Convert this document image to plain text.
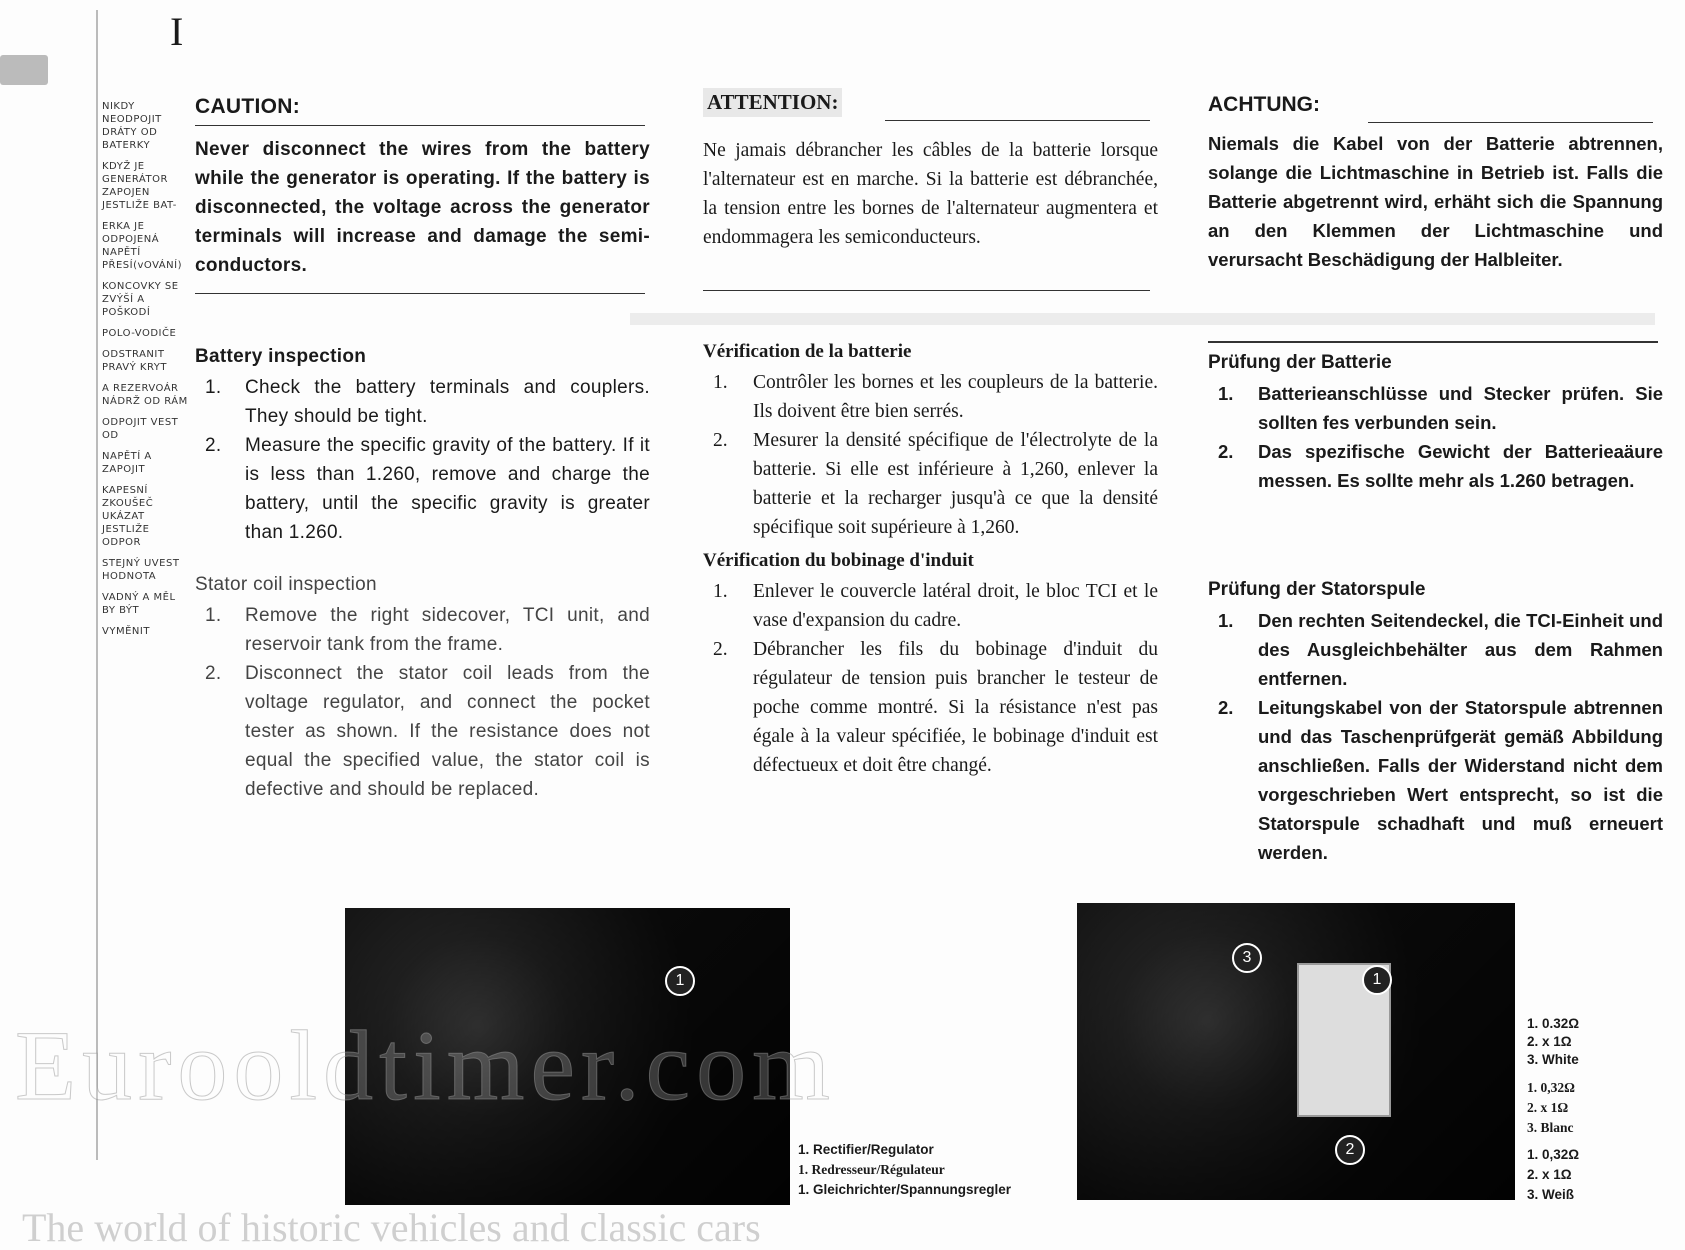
I
NIKDY NEODPOJIT DRÁTY OD BATERKY
KDYŽ JE GENERÁTOR ZAPOJEN JESTLIŽE BAT-
ERKA JE ODPOJENÁ NAPĚTÍ PŘESÍ(vOVÁNÍ)
KONCOVKY SE ZVÝŠÍ A POŠKODÍ
POLO-VODIČE
ODSTRANIT PRAVÝ KRYT
A REZERVOÁR NÁDRŽ OD RÁM
ODPOJIT VEST OD
NAPĚTÍ A ZAPOJIT
KAPESNÍ ZKOUŠEČ UKÁZAT JESTLIŽE ODPOR
STEJNÝ UVEST HODNOTA
VADNÝ A MĚL BY BÝT
VYMĚNIT
CAUTION:
Never disconnect the wires from the battery while the generator is operating. If the battery is disconnected, the voltage across the generator terminals will increase and damage the semi-conductors.

Battery inspection

1. Check the battery terminals and couplers. They should be tight.
2. Measure the specific gravity of the battery. If it is less than 1.260, remove and charge the battery, until the specific gravity is greater than 1.260.

Stator coil inspection

1. Remove the right sidecover, TCI unit, and reservoir tank from the frame.
2. Disconnect the stator coil leads from the voltage regulator, and connect the pocket tester as shown. If the resistance does not equal the specified value, the stator coil is defective and should be replaced.
ATTENTION:
Ne jamais débrancher les câbles de la batterie lorsque l'alternateur est en marche. Si la batterie est débranchée, la tension entre les bornes de l'alternateur augmentera et endommagera les semiconducteurs.

Vérification de la batterie

1. Contrôler les bornes et les coupleurs de la batterie. Ils doivent être bien serrés.
2. Mesurer la densité spécifique de l'électrolyte de la batterie. Si elle est inférieure à 1,260, enlever la batterie et la recharger jusqu'à ce que la densité spécifique soit supérieure à 1,260.

Vérification du bobinage d'induit

1. Enlever le couvercle latéral droit, le bloc TCI et le vase d'expansion du cadre.
2. Débrancher les fils du bobinage d'induit du régulateur de tension puis brancher le testeur de poche comme montré. Si la résistance n'est pas égale à la valeur spécifiée, le bobinage d'induit est défectueux et doit être changé.
ACHTUNG:
Niemals die Kabel von der Batterie abtrennen, solange die Lichtmaschine in Betrieb ist. Falls die Batterie abgetrennt wird, erhäht sich die Spannung an den Klemmen der Lichtmaschine und verursacht Beschädigung der Halbleiter.

Prüfung der Batterie

1. Batterieanschlüsse und Stecker prüfen. Sie sollten fes verbunden sein.
2. Das spezifische Gewicht der Batterieaäure messen. Es sollte mehr als 1.260 betragen.

Prüfung der Statorspule

1. Den rechten Seitendeckel, die TCI-Einheit und des Ausgleichbehälter aus dem Rahmen entfernen.
2. Leitungskabel von der Statorspule abtrennen und das Taschenprüfgerät gemäß Abbildung anschließen. Falls der Widerstand nicht dem vorgeschrieben Wert entsprecht, so ist die Statorspule schadhaft und muß erneuert werden.
1
1. Rectifier/Regulator
1. Redresseur/Régulateur
1. Gleichrichter/Spannungsregler
1
2
3
1. 0.32Ω
2. x 1Ω
3. White
1. 0,32Ω
2. x 1Ω
3. Blanc
1. 0,32Ω
2. x 1Ω
3. Weiß
Eurooldtimer.com
The world of historic vehicles and classic cars
